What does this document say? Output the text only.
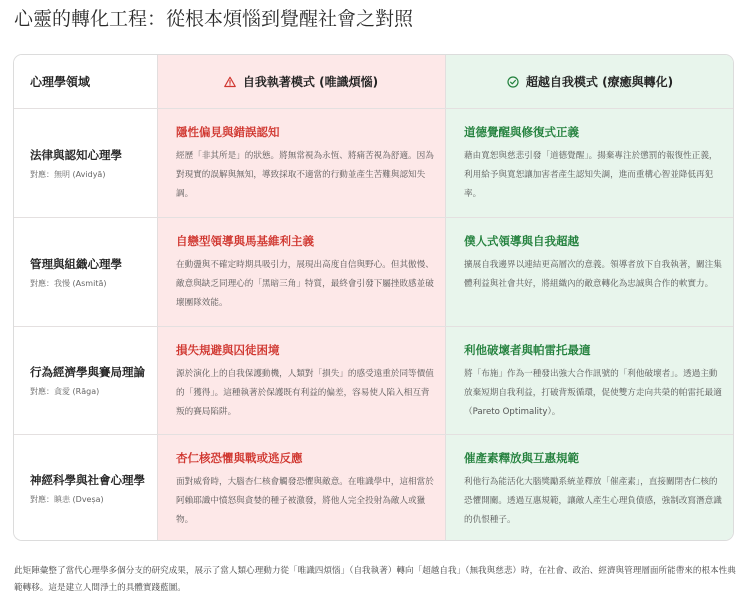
心靈的轉化工程：從根本煩惱到覺醒社會之對照
心理學領域	自我執著模式 (唯識煩惱)	超越自我模式 (療癒與轉化)
法律與認知心理學
對應：無明 (Avidyā)
隱性偏見與錯誤認知
經歷「非其所是」的狀態。將無常視為永恆、將痛苦視為舒適。因為對現實的誤解與無知，導致採取不適當的行動並產生苦難與認知失調。
道德覺醒與修復式正義
藉由寬恕與慈悲引發「道德覺醒」。揚棄專注於懲罰的報復性正義，利用給予與寬恕讓加害者產生認知失調，進而重構心智並降低再犯率。
管理與組織心理學
對應：我慢 (Asmitā)
自戀型領導與馬基維利主義
在動盪與不確定時期具吸引力，展現出高度自信與野心。但其傲慢、敵意與缺乏同理心的「黑暗三角」特質，最終會引發下屬挫敗感並破壞團隊效能。
僕人式領導與自我超越
擴展自我邊界以連結更高層次的意義。領導者放下自我執著，關注集體利益與社會共好，將組織內的敵意轉化為忠誠與合作的軟實力。
行為經濟學與賽局理論
對應：貪愛 (Rāga)
損失規避與囚徒困境
源於演化上的自我保護動機，人類對「損失」的感受遠重於同等價值的「獲得」。這種執著於保護既有利益的偏差，容易使人陷入相互背叛的賽局陷阱。
利他破壞者與帕雷托最適
將「布施」作為一種發出強大合作訊號的「利他破壞者」。透過主動放棄短期自我利益，打破背叛循環，促使雙方走向共榮的帕雷托最適（Pareto Optimality）。
神經科學與社會心理學
對應：瞋恚 (Dveṣa)
杏仁核恐懼與戰或逃反應
面對威脅時，大腦杏仁核會觸發恐懼與敵意。在唯識學中，這相當於阿賴耶識中憤怒與貪婪的種子被激發，將他人完全投射為敵人或獵物。
催產素釋放與互惠規範
利他行為能活化大腦獎勵系統並釋放「催產素」，直接關閉杏仁核的恐懼開關。透過互惠規範，讓敵人產生心理負債感，強制改寫潛意識的仇恨種子。
此矩陣彙整了當代心理學多個分支的研究成果，展示了當人類心理動力從「唯識四煩惱」（自我執著）轉向「超越自我」（無我與慈悲）時，在社會、政治、經濟與管理層面所能帶來的根本性典範轉移。這是建立人間淨土的具體實踐藍圖。
